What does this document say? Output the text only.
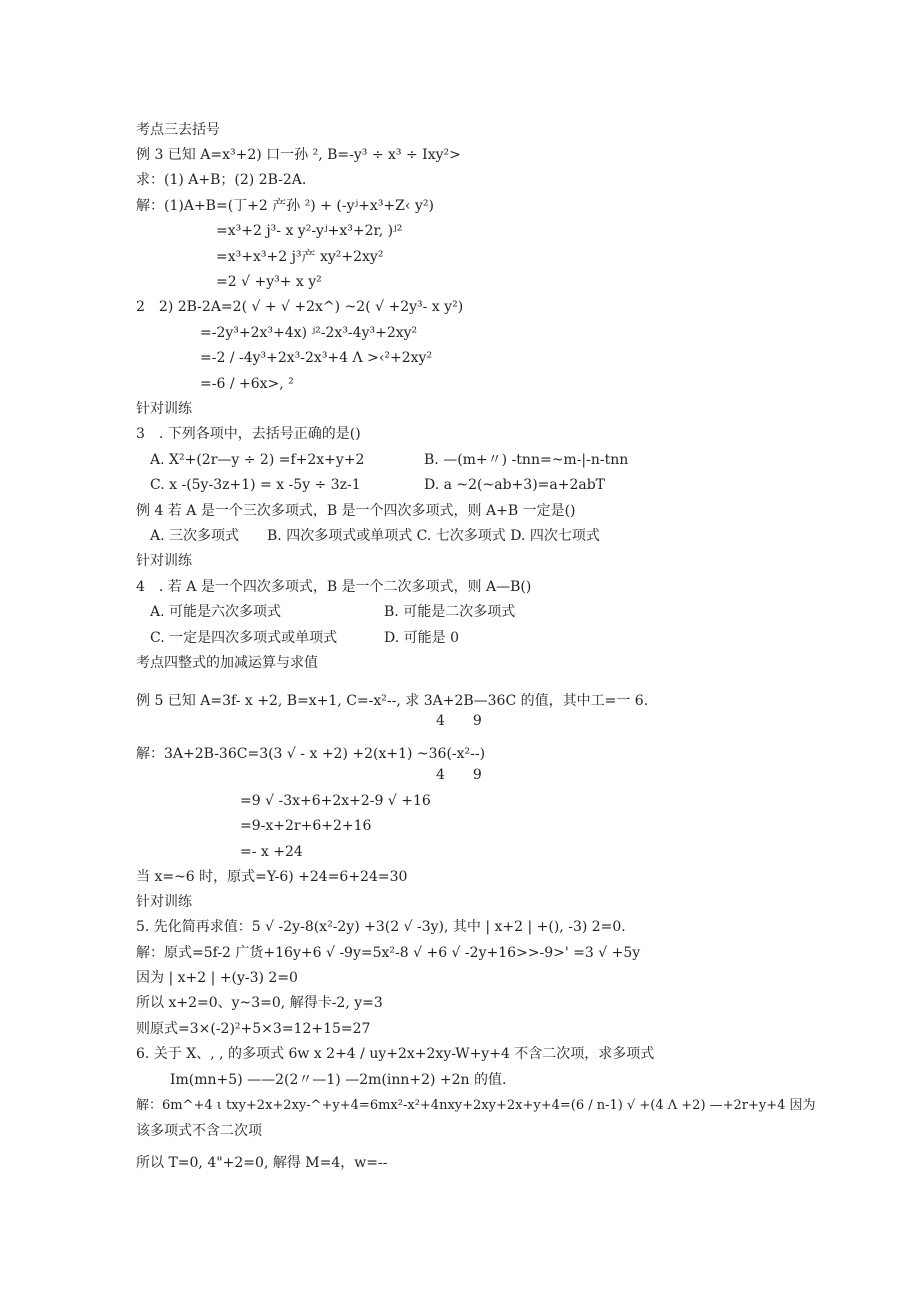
考点三去括号
例 3 已知 A=x³+2) 口一孙 ², B=-y³ ÷ x³ ÷ Ixy²>
求：(1) A+B；(2) 2B-2A.
解：(1)A+B=(丁+2 产孙 ²) + (-yʲ+x³+Z‹ y²)
=x³+2 j³- x y²-yʲ+x³+2r, )ʲ²
=x³+x³+2 j³产 xy²+2xy²
=2 √ +y³+ x y²
2　2) 2B-2A=2( √ + √ +2x^) ~2( √ +2y³- x y²)
=-2y³+2x³+4x) ʲ²-2x³-4y³+2xy²
=-2 / -4y³+2x³-2x³+4 Λ >‹²+2xy²
=-6 / +6x>, ²
针对训练
3　. 下列各项中，去括号正确的是()
A. X²+(2r—y ÷ 2) =f+2x+y+2	B. —(m+〃) -tnn=~m-|-n-tnn
C. x -(5y-3z+1) = x -5y ÷ 3z-1	D. a ~2(~ab+3)=a+2abT
例 4 若 A 是一个三次多项式，B 是一个四次多项式，则 A+B 一定是()
A. 三次多项式　　B. 四次多项式或单项式 C. 七次多项式 D. 四次七项式
针对训练
4　. 若 A 是一个四次多项式，B 是一个二次多项式，则 A—B()
A. 可能是六次多项式	B. 可能是二次多项式
C. 一定是四次多项式或单项式	D. 可能是 0
考点四整式的加减运算与求值
例 5 已知 A=3f- x +2, B=x+1, C=-x²--, 求 3A+2B—36C 的值，其中工=一 6.
4　　9
解：3A+2B-36C=3(3 √ - x +2) +2(x+1) ~36(-x²--)
4　　9
=9 √ -3x+6+2x+2-9 √ +16
=9-x+2r+6+2+16
=- x +24
当 x=~6 时，原式=Y-6) +24=6+24=30
针对训练
5. 先化简再求值：5 √ -2y-8(x²-2y) +3(2 √ -3y), 其中 | x+2 | +(), -3) 2=0.
解：原式=5f-2 广货+16y+6 √ -9y=5x²-8 √ +6 √ -2y+16>>-9>' =3 √ +5y
因为 | x+2 | +(y-3) 2=0
所以 x+2=0、y~3=0, 解得卡-2, y=3
则原式=3×(-2)²+5×3=12+15=27
6. 关于 X、, , 的多项式 6w x 2+4 / uy+2x+2xy-W+y+4 不含二次项，求多项式
Im(mn+5) ——2(2〃—1) —2m(inn+2) +2n 的值.
解：6m^+4 ι txy+2x+2xy-^+y+4=6mx²-x²+4nxy+2xy+2x+y+4=(6 / n-1) √ +(4 Λ +2) —+2r+y+4 因为
该多项式不含二次项
所以 T=0, 4"+2=0, 解得 M=4，w=--
